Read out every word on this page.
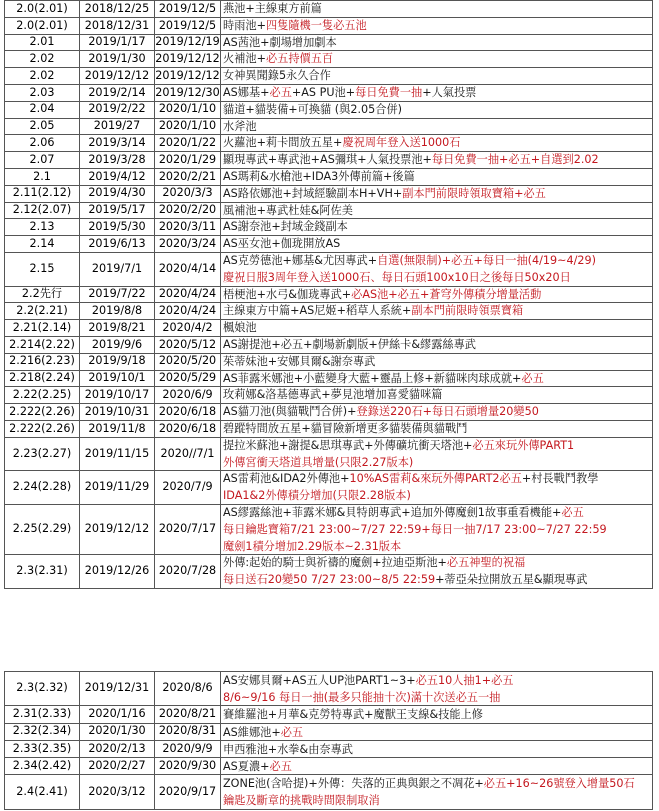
2.0(2.01)	2018/12/25 2019/12/5 燕池+主線東方前篇
2.0(2.01)	2018/12/31 2019/12/5 時雨池+四隻隨機一隻必五池
2.01	2019/1/17 2019/12/19 AS茜池+劇場增加劇本
2.02	2019/1/30 2019/12/12 火補池+必五持價五百
2.02	2019/12/12 2019/12/12 女神異聞錄5永久合作
2.03	2019/2/14 2019/12/30 AS娜基+必五+AS PU池+每日免費一抽+人氣投票
2.04	2019/2/22	2020/1/10 貓道+貓裝備+可換貓 (與2.05合併)
2.05	2019/27	2020/1/10 水斧池
2.06	2019/3/14	2020/1/22 火蘿池+莉卡間放五星+慶祝周年登入送1000石
2.07	2019/3/28	2020/1/29 顯現專武+專武池+AS彌琪+人氣投票池+每日免費一抽+必五+自選到2.02
2.1	2019/4/12	2020/2/21 AS瑪莉&水槍池+IDA3外傳前篇+後篇
2.11(2.12)	2019/4/30	2020/3/3 AS路依娜池+封域經驗副本H+VH+副本門前限時領取寶箱+必五
2.12(2.07)	2019/5/17	2020/2/20 風補池+專武杜娃&阿佐美
2.13	2019/5/30	2020/3/11 AS謝奈池+封域金錢副本
2.14	2019/6/13	2020/3/24 AS巫女池+伽珑開放AS
2.15	2019/7/1	2020/4/14
AS克勞德池+娜基&尤因專武+自選(無限制)+必五+每日一抽(4/19~4/29)
慶祝日服3周年登入送1000石、每日石頭100x10日之後每日50x20日
2.2先行	2019/7/22	2020/4/24 梧梗池+水弓&伽珑專武+必AS池+必五+蒼穹外傳積分增量活動
2.2(2.21)	2019/8/8	2020/4/24 主線東方中篇+AS尼姬+稻草人系統+副本門前限時領票寶箱
2.21(2.14)	2019/8/21	2020/4/2 楓娘池
2.214(2.22)	2019/9/6	2020/5/12 AS謝提池+必五+劇場新劇版+伊絲卡&繆露絲專武
2.216(2.23)	2019/9/18	2020/5/20 茱蒂妹池+安娜貝爾&謝奈專武
2.218(2.24)	2019/10/1	2020/5/29 AS菲露米娜池+小藍變身大藍+靈晶上修+新貓咪肉球成就+必五
2.22(2.25)	2019/10/17	2020/6/9 玫莉娜&洛基德專武+夢見池增加喜愛貓咪篇
2.222(2.26) 2019/10/31 2020/6/18 AS貓刀池(與貓戰鬥合併)+登錄送220石+每日石頭增量20變50
2.222(2.26)	2019/11/8	2020/6/18 碧蹤特間放五星+貓冒險新增更多貓裝備與貓戰鬥
2.23(2.27)	2019/11/15	2020//7/1
提拉米蘇池+謝提&思琪專武+外傳礦坑衝天塔池+必五來玩外傳PART1
外傳宮衝天塔道具增量(只限2.27版本)
2.24(2.28)	2019/11/29	2020/7/9
AS雷莉池&IDA2外傳池+10%AS雷莉&來玩外傳PART2必五+村長戰鬥教學
IDA1&2外傳積分增加(只限2.28版本)
2.25(2.29)	2019/12/12 2020/7/17
AS繆露絲池+菲露米娜&貝特朗專武+追加外傳魔劍1故事重看機能+必五
每日鑰匙寶箱7/21 23:00~7/27 22:59+每日一抽7/17 23:00~7/27 22:59
魔劍1積分增加2.29版本~2.31版本
2.3(2.31)	2019/12/26 2020/7/28
外傳:起始的騎士與祈禱的魔劍+拉迪亞斯池+必五神聖的祝福
每日送石20變50 7/27 23:00~8/5 22:59+蒂亞朵拉開放五星&顯現專武
2.3(2.32)	2019/12/31	2020/8/6
AS安娜貝爾+AS五人UP池PART1~3+必五10人抽1+必五
8/6~9/16 每日一抽(最多只能抽十次)滿十次送必五一抽
2.31(2.33)	2020/1/16	2020/8/21 賽維羅池+月華&克勞特專武+魔獸王支線&技能上修
2.32(2.34)	2020/1/30	2020/8/31 AS維娜池+必五
2.33(2.35)	2020/2/13	2020/9/9 申西雅池+水拳&由奈專武
2.34(2.42)	2020/2/27	2020/9/30 AS夏濃+必五
2.4(2.41)	2020/3/12	2020/9/17
ZONE池(含哈提)+外傳：失落的正典與銀之不凋花+必五+16~26號登入增量50石
鑰匙及斷章的挑戰時間限制取消
